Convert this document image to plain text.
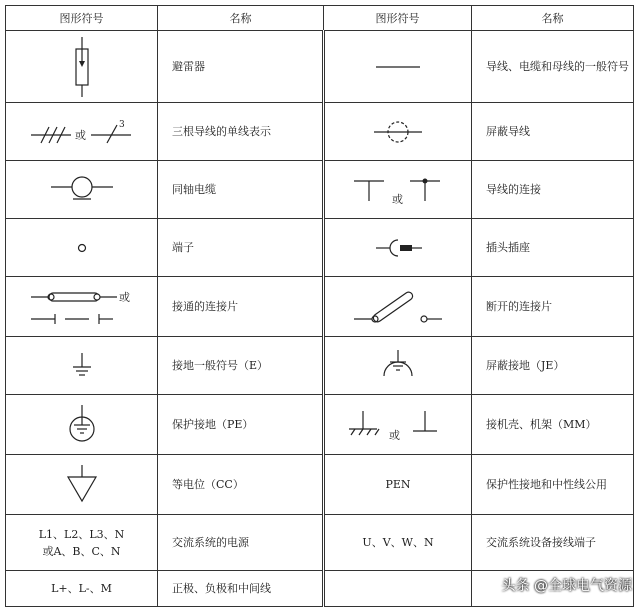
图形符号	名称	图形符号	名称

	避雷器		导线、电缆和母线的一般符号

或
3	三根导线的单线表示		屏蔽导线

	同轴电缆	或	导线的连接

	端子		插头插座

或	接通的连接片		断开的连接片

	接地一般符号（E）		屏蔽接地（JE）

	保护接地（PE）	或	接机壳、机架（MM）

	等电位（CC）	PEN	保护性接地和中性线公用
L1、L2、L3、N
或A、B、C、N	交流系统的电源	U、V、W、N	交流系统设备接线端子
L+、L-、M	正极、负极和中间线			头条 @全球电气资源
